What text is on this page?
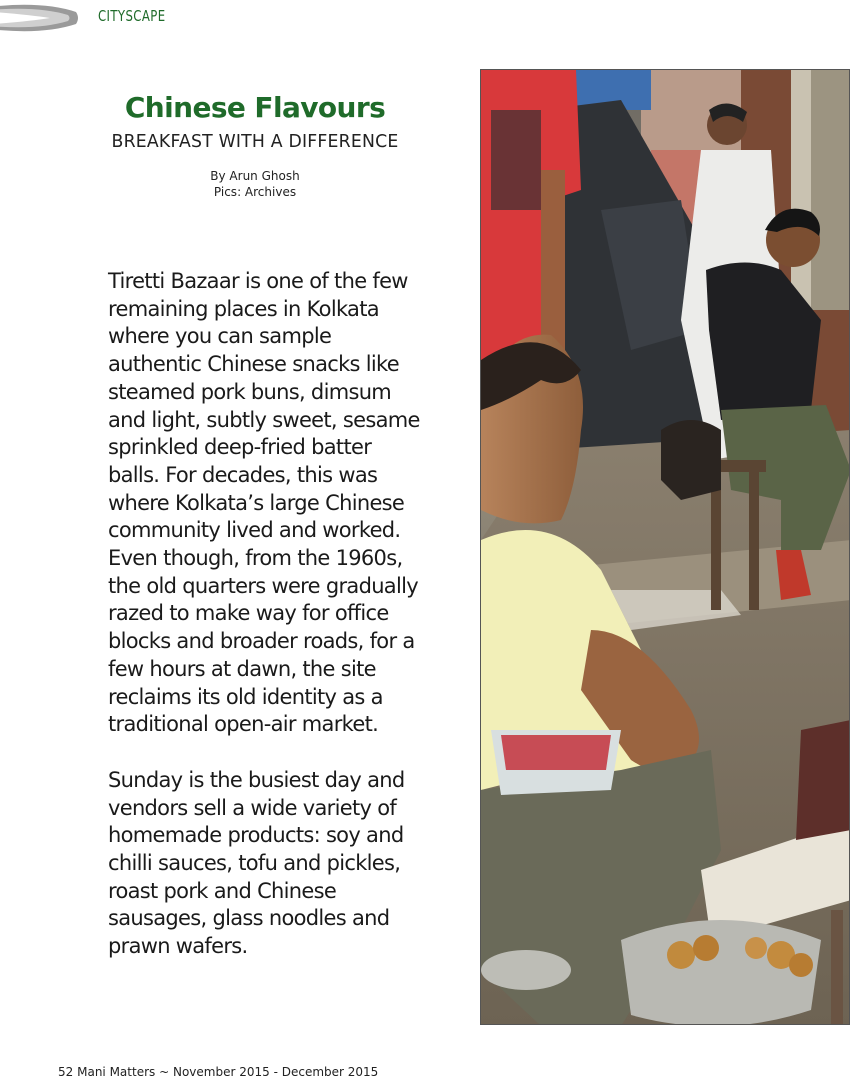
CITYSCAPE
Chinese Flavours
BREAKFAST WITH A DIFFERENCE
By Arun Ghosh
Pics: Archives

Tiretti Bazaar is one of the few remaining places in Kolkata where you can sample authentic Chinese snacks like steamed pork buns, dimsum and light, subtly sweet, sesame sprinkled deep-fried batter balls. For decades, this was where Kolkata’s large Chinese community lived and worked. Even though, from the 1960s, the old quarters were gradually razed to make way for office blocks and broader roads, for a few hours at dawn, the site reclaims its old identity as a traditional open-air market.

Sunday is the busiest day and vendors sell a wide variety of homemade products: soy and chilli sauces, tofu and pickles, roast pork and Chinese sausages, glass noodles and prawn wafers.

52 Mani Matters ~ November 2015 - December 2015
